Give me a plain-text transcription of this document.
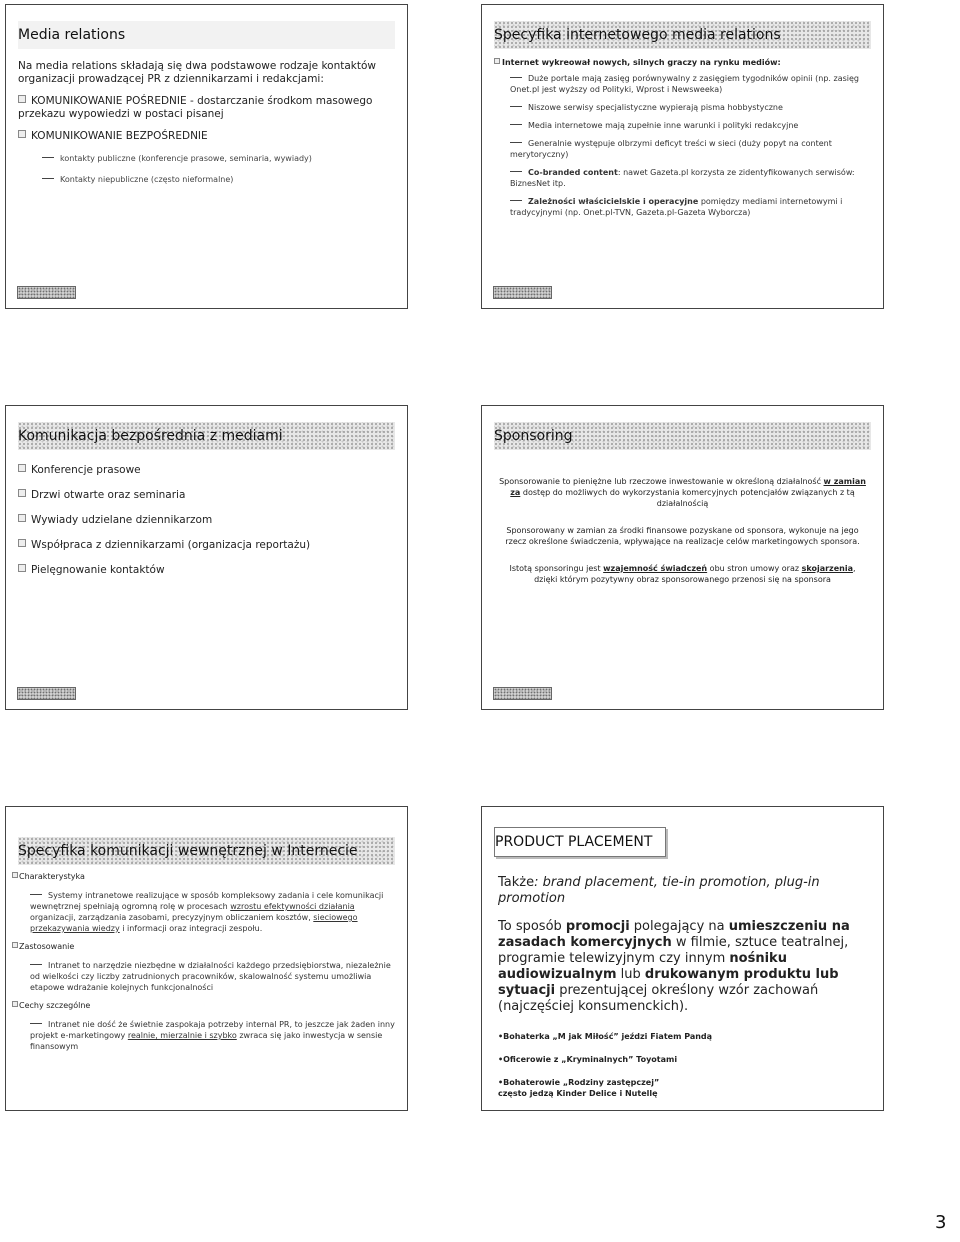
Media relations

Na media relations składają się dwa podstawowe rodzaje kontaktów organizacji prowadzącej PR z dziennikarzami i redakcjami:

KOMUNIKOWANIE POŚREDNIE - dostarczanie środkom masowego przekazu wypowiedzi w postaci pisanej

KOMUNIKOWANIE BEZPOŚREDNIE

kontakty publiczne (konferencje prasowe, seminaria, wywiady)

Kontakty niepubliczne (często nieformalne)

Specyfika internetowego media relations

Internet wykreował nowych, silnych graczy na rynku mediów:

Duże portale mają zasięg porównywalny z zasięgiem tygodników opinii (np. zasięg Onet.pl jest wyższy od Polityki, Wprost i Newsweeka)

Niszowe serwisy specjalistyczne wypierają pisma hobbystyczne

Media internetowe mają zupełnie inne warunki i polityki redakcyjne

Generalnie występuje olbrzymi deficyt treści w sieci (duży popyt na content merytoryczny)

Co-branded content: nawet Gazeta.pl korzysta ze zidentyfikowanych serwisów: BiznesNet itp.

Zależności właścicielskie i operacyjne pomiędzy mediami internetowymi i tradycyjnymi (np. Onet.pl-TVN, Gazeta.pl-Gazeta Wyborcza)

Komunikacja bezpośrednia z mediami

Konferencje prasowe

Drzwi otwarte oraz seminaria

Wywiady udzielane dziennikarzom

Współpraca z dziennikarzami (organizacja reportażu)

Pielęgnowanie kontaktów

Sponsoring

Sponsorowanie to pieniężne lub rzeczowe inwestowanie w określoną działalność w zamian za dostęp do możliwych do wykorzystania komercyjnych potencjałów związanych z tą działalnością

Sponsorowany w zamian za środki finansowe pozyskane od sponsora, wykonuje na jego rzecz określone świadczenia, wpływające na realizacje celów marketingowych sponsora.

Istotą sponsoringu jest wzajemność świadczeń obu stron umowy oraz skojarzenia, dzięki którym pozytywny obraz sponsorowanego przenosi się na sponsora

Specyfika komunikacji wewnętrznej w Internecie

Charakterystyka

Systemy intranetowe realizujące w sposób kompleksowy zadania i cele komunikacji wewnętrznej spełniają ogromną rolę w procesach wzrostu efektywności działania organizacji, zarządzania zasobami, precyzyjnym obliczaniem kosztów, sieciowego przekazywania wiedzy i informacji oraz integracji zespołu.

Zastosowanie

Intranet to narzędzie niezbędne w działalności każdego przedsiębiorstwa, niezależnie od wielkości czy liczby zatrudnionych pracowników, skalowalność systemu umożliwia etapowe wdrażanie kolejnych funkcjonalności

Cechy szczególne

Intranet nie dość że świetnie zaspokaja potrzeby internal PR, to jeszcze jak żaden inny projekt e-marketingowy realnie, mierzalnie i szybko zwraca się jako inwestycja w sensie finansowym

PRODUCT PLACEMENT

Także: brand placement, tie-in promotion, plug-in promotion

To sposób promocji polegający na umieszczeniu na zasadach komercyjnych w filmie, sztuce teatralnej, programie telewizyjnym czy innym nośniku audiowizualnym lub drukowanym produktu lub sytuacji prezentującej określony wzór zachowań (najczęściej konsumenckich).

•Bohaterka „M jak Miłość” jeździ Fiatem Pandą

•Oficerowie z „Kryminalnych” Toyotami

•Bohaterowie „Rodziny zastępczej” często jedzą Kinder Delice i Nutellę

3
